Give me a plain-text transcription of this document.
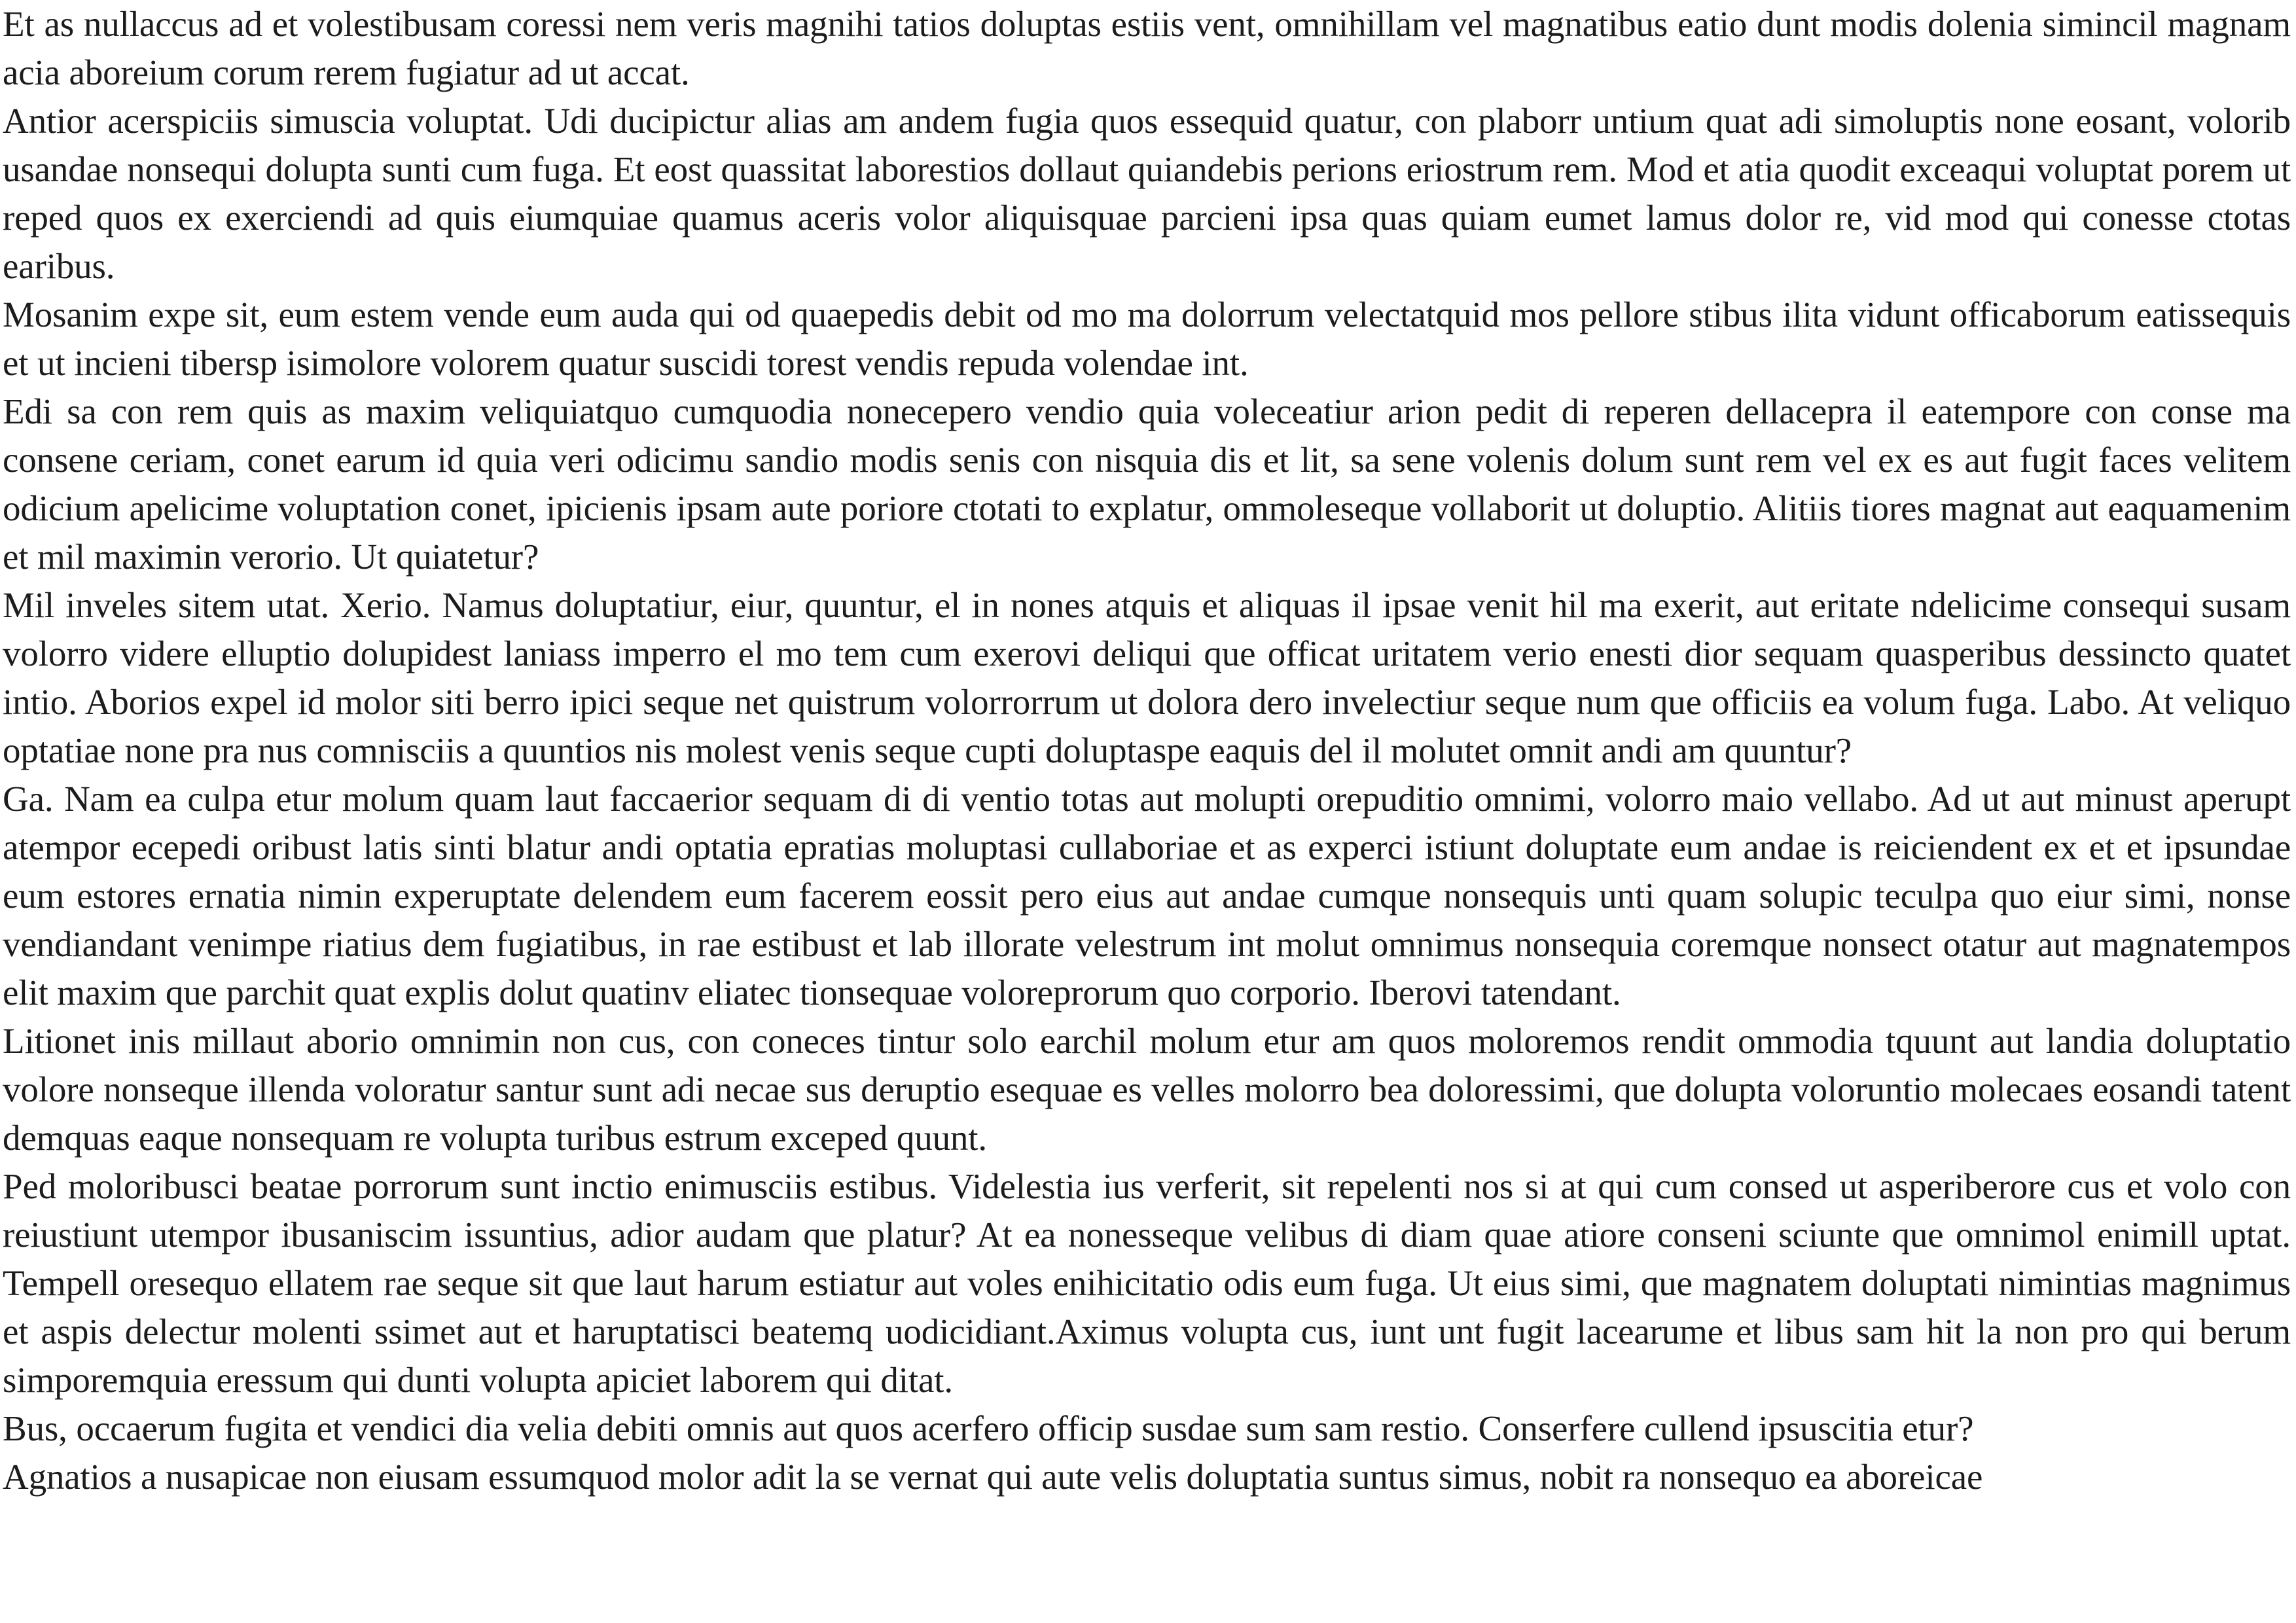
Et as nullaccus ad et volestibusam coressi nem veris magnihi tatios doluptas estiis vent, omnihillam vel magnatibus eatio dunt modis dolenia simincil magnam acia aboreium corum rerem fugiatur ad ut accat.

Antior acerspiciis simuscia voluptat. Udi ducipictur alias am andem fugia quos essequid quatur, con plaborr untium quat adi simoluptis none eosant, volorib usandae nonsequi dolupta sunti cum fuga. Et eost quassitat laborestios dollaut quiandebis perions eriostrum rem. Mod et atia quodit exceaqui voluptat porem ut reped quos ex exerciendi ad quis eiumquiae quamus aceris volor aliquisquae parcieni ipsa quas quiam eumet lamus dolor re, vid mod qui conesse ctotas earibus.

Mosanim expe sit, eum estem vende eum auda qui od quaepedis debit od mo ma dolorrum velectatquid mos pellore stibus ilita vidunt officaborum eatissequis et ut incieni tibersp isimolore volorem quatur suscidi torest vendis repuda volendae int.

Edi sa con rem quis as maxim veliquiatquo cumquodia nonecepero vendio quia voleceatiur arion pedit di reperen dellacepra il eatempore con conse ma consene ceriam, conet earum id quia veri odicimu sandio modis senis con nisquia dis et lit, sa sene volenis dolum sunt rem vel ex es aut fugit faces velitem odicium apelicime voluptation conet, ipicienis ipsam aute poriore ctotati to explatur, ommoleseque vollaborit ut doluptio. Alitiis tiores magnat aut eaquamenim et mil maximin verorio. Ut quiatetur?

Mil inveles sitem utat. Xerio. Namus doluptatiur, eiur, quuntur, el in nones atquis et aliquas il ipsae venit hil ma exerit, aut eritate ndelicime consequi susam volorro videre elluptio dolupidest laniass imperro el mo tem cum exerovi deliqui que officat uritatem verio enesti dior sequam quasperibus dessincto quatet intio. Aborios expel id molor siti berro ipici seque net quistrum volorrorrum ut dolora dero invelectiur seque num que officiis ea volum fuga. Labo. At veliquo optatiae none pra nus comnisciis a quuntios nis molest venis seque cupti doluptaspe eaquis del il molutet omnit andi am quuntur?

Ga. Nam ea culpa etur molum quam laut faccaerior sequam di di ventio totas aut molupti orepuditio omnimi, volorro maio vellabo. Ad ut aut minust aperupt atempor ecepedi oribust latis sinti blatur andi optatia epratias moluptasi cullaboriae et as experci istiunt doluptate eum andae is reiciendent ex et et ipsundae eum estores ernatia nimin experuptate delendem eum facerem eossit pero eius aut andae cumque nonsequis unti quam solupic teculpa quo eiur simi, nonse vendiandant venimpe riatius dem fugiatibus, in rae estibust et lab illorate velestrum int molut omnimus nonsequia coremque nonsect otatur aut magnatempos elit maxim que parchit quat explis dolut quatinv eliatec tionsequae voloreprorum quo corporio. Iberovi tatendant.

Litionet inis millaut aborio omnimin non cus, con coneces tintur solo earchil molum etur am quos moloremos rendit ommodia tquunt aut landia doluptatio volore nonseque illenda voloratur santur sunt adi necae sus deruptio esequae es velles molorro bea doloressimi, que dolupta voloruntio molecaes eosandi tatent demquas eaque nonsequam re volupta turibus estrum exceped quunt.

Ped moloribusci beatae porrorum sunt inctio enimusciis estibus. Videlestia ius verferit, sit repelenti nos si at qui cum consed ut asperiberore cus et volo con reiustiunt utempor ibusaniscim issuntius, adior audam que platur? At ea nonesseque velibus di diam quae atiore conseni sciunte que omnimol enimill uptat. Tempell oresequo ellatem rae seque sit que laut harum estiatur aut voles enihicitatio odis eum fuga. Ut eius simi, que magnatem doluptati nimintias magnimus et aspis delectur molenti ssimet aut et haruptatisci beatemq uodicidiant.Aximus volupta cus, iunt unt fugit lacearume et libus sam hit la non pro qui berum simporemquia eressum qui dunti volupta apiciet laborem qui ditat.

Bus, occaerum fugita et vendici dia velia debiti omnis aut quos acerfero officip susdae sum sam restio. Conserfere cullend ipsuscitia etur?

Agnatios a nusapicae non eiusam essumquod molor adit la se vernat qui aute velis doluptatia suntus simus, nobit ra nonsequo ea aboreicae
